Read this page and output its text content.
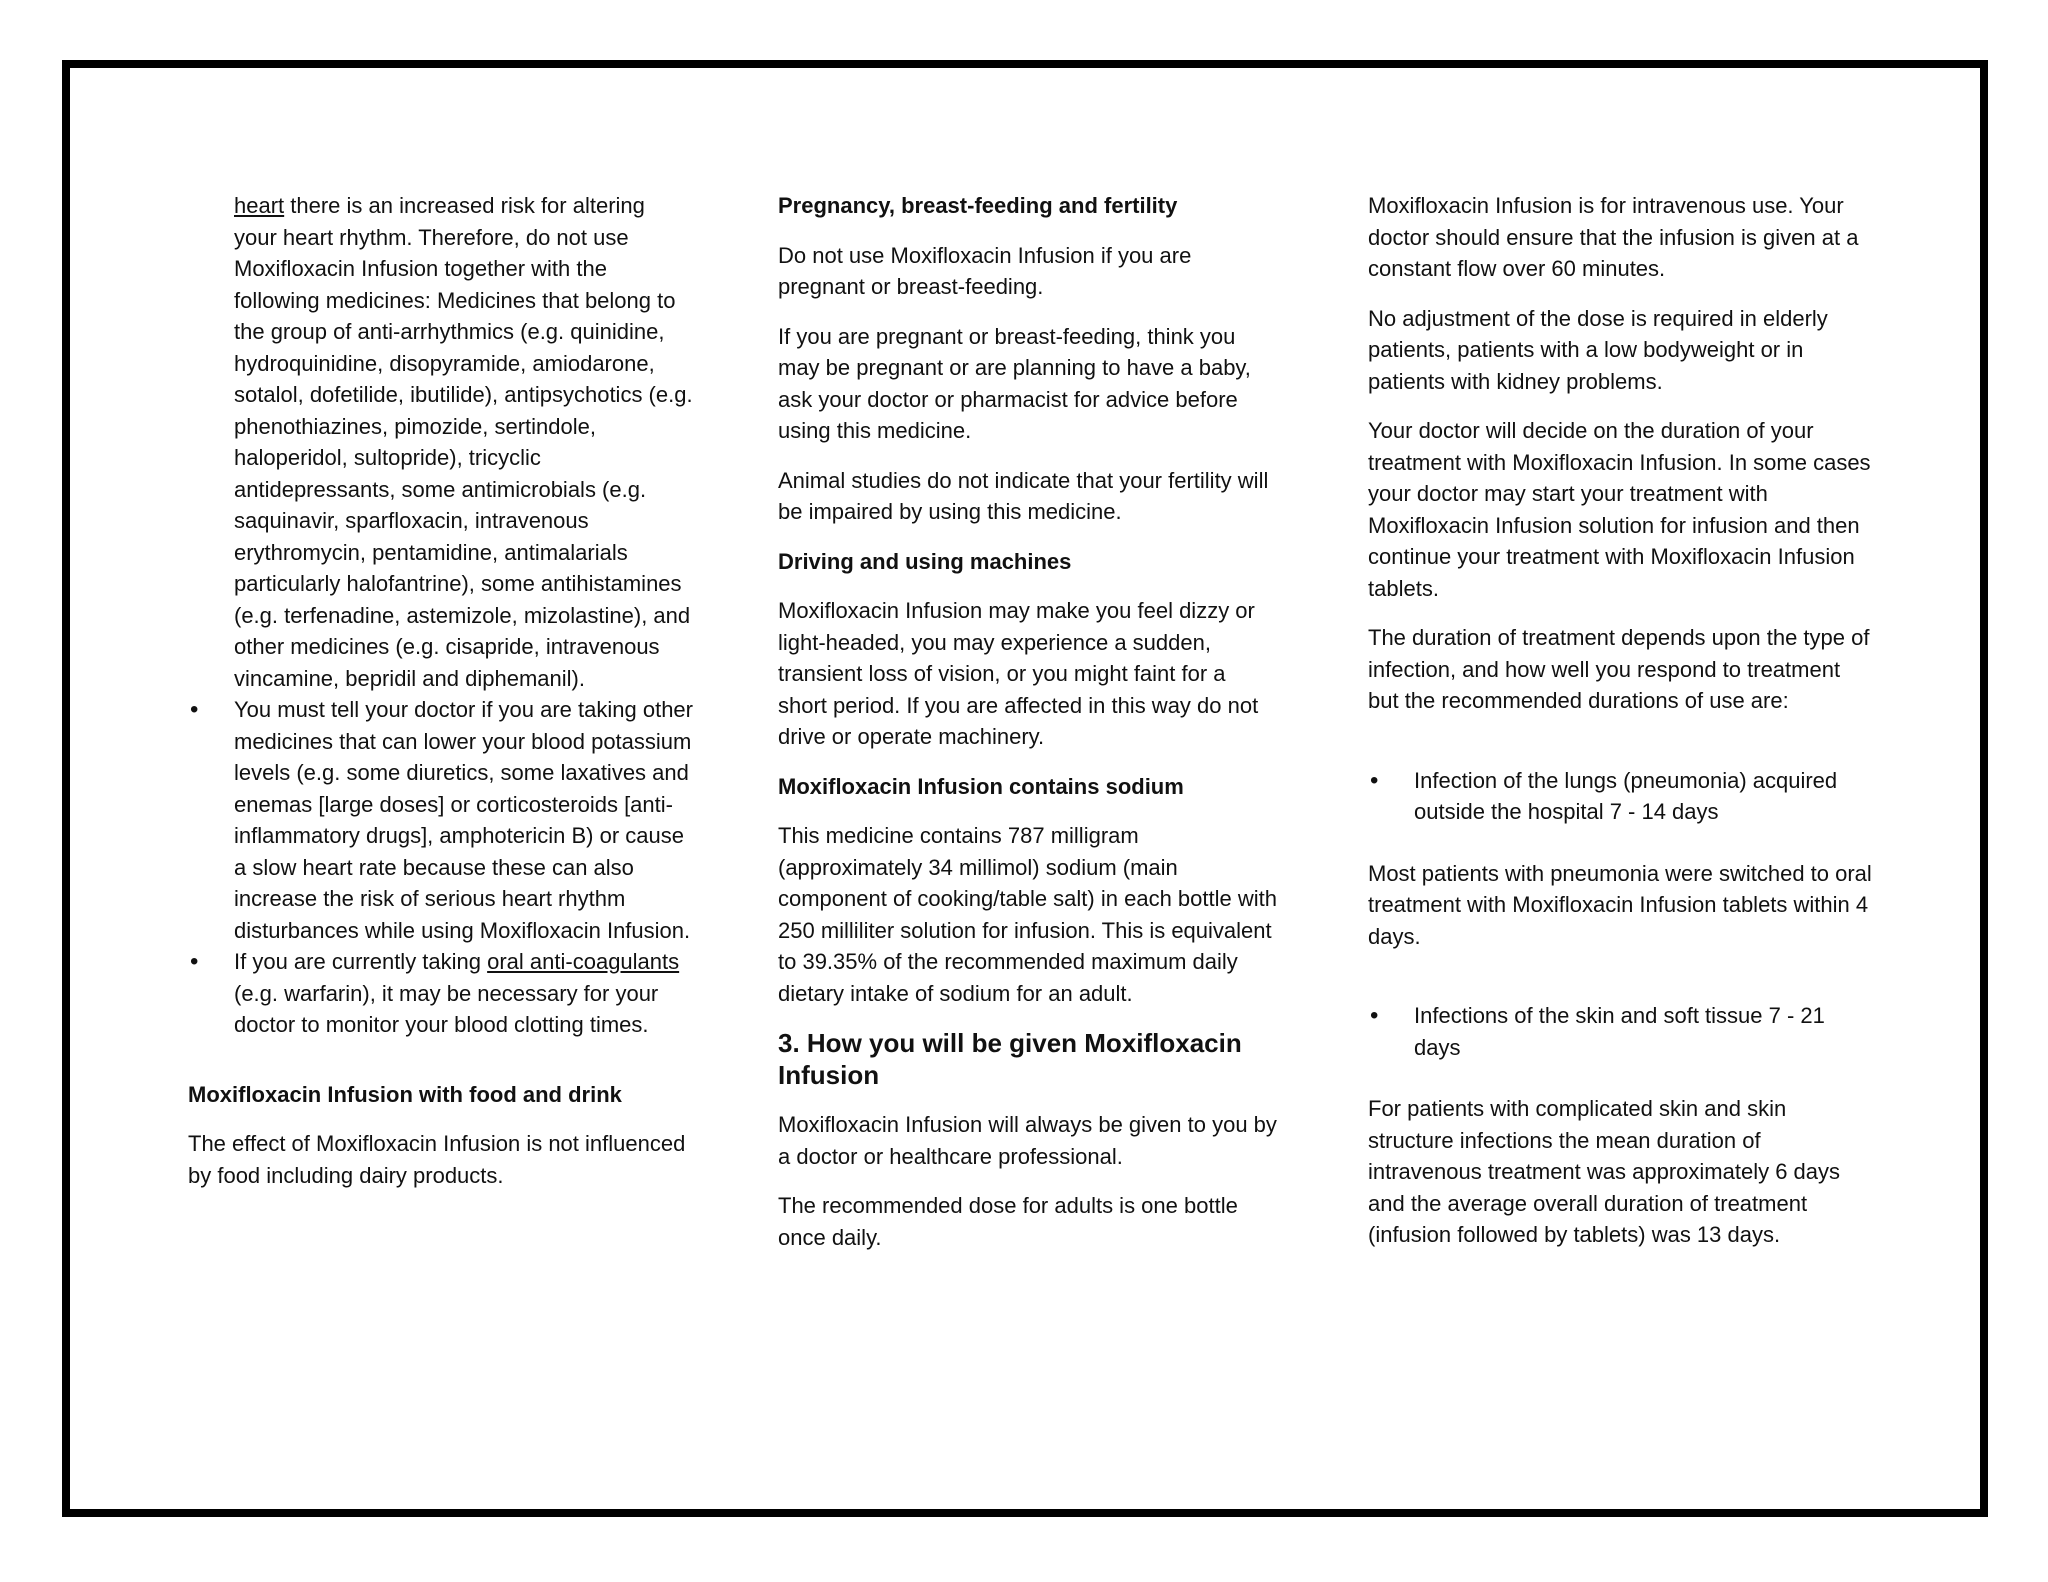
heart there is an increased risk for altering your heart rhythm. Therefore, do not use Moxifloxacin Infusion together with the following medicines: Medicines that belong to the group of anti-arrhythmics (e.g. quinidine, hydroquinidine, disopyramide, amiodarone, sotalol, dofetilide, ibutilide), antipsychotics (e.g. phenothiazines, pimozide, sertindole, haloperidol, sultopride), tricyclic antidepressants, some antimicrobials (e.g. saquinavir, sparfloxacin, intravenous erythromycin, pentamidine, antimalarials particularly halofantrine), some antihistamines (e.g. terfenadine, astemizole, mizolastine), and other medicines (e.g. cisapride, intravenous vincamine, bepridil and diphemanil).

• You must tell your doctor if you are taking other medicines that can lower your blood potassium levels (e.g. some diuretics, some laxatives and enemas [large doses] or corticosteroids [anti-inflammatory drugs], amphotericin B) or cause a slow heart rate because these can also increase the risk of serious heart rhythm disturbances while using Moxifloxacin Infusion.
• If you are currently taking oral anti-coagulants (e.g. warfarin), it may be necessary for your doctor to monitor your blood clotting times.

Moxifloxacin Infusion with food and drink

The effect of Moxifloxacin Infusion is not influenced by food including dairy products.

Pregnancy, breast-feeding and fertility

Do not use Moxifloxacin Infusion if you are pregnant or breast-feeding.

If you are pregnant or breast-feeding, think you may be pregnant or are planning to have a baby, ask your doctor or pharmacist for advice before using this medicine.

Animal studies do not indicate that your fertility will be impaired by using this medicine.

Driving and using machines

Moxifloxacin Infusion may make you feel dizzy or light-headed, you may experience a sudden, transient loss of vision, or you might faint for a short period. If you are affected in this way do not drive or operate machinery.

Moxifloxacin Infusion contains sodium

This medicine contains 787 milligram (approximately 34 millimol) sodium (main component of cooking/table salt) in each bottle with 250 milliliter solution for infusion. This is equivalent to 39.35% of the recommended maximum daily dietary intake of sodium for an adult.

3. How you will be given Moxifloxacin Infusion

Moxifloxacin Infusion will always be given to you by a doctor or healthcare professional.

The recommended dose for adults is one bottle once daily.

Moxifloxacin Infusion is for intravenous use. Your doctor should ensure that the infusion is given at a constant flow over 60 minutes.

No adjustment of the dose is required in elderly patients, patients with a low bodyweight or in patients with kidney problems.

Your doctor will decide on the duration of your treatment with Moxifloxacin Infusion. In some cases your doctor may start your treatment with Moxifloxacin Infusion solution for infusion and then continue your treatment with Moxifloxacin Infusion tablets.

The duration of treatment depends upon the type of infection, and how well you respond to treatment but the recommended durations of use are:

• Infection of the lungs (pneumonia) acquired outside the hospital 7 - 14 days

Most patients with pneumonia were switched to oral treatment with Moxifloxacin Infusion tablets within 4 days.

• Infections of the skin and soft tissue 7 - 21 days

For patients with complicated skin and skin structure infections the mean duration of intravenous treatment was approximately 6 days and the average overall duration of treatment (infusion followed by tablets) was 13 days.
